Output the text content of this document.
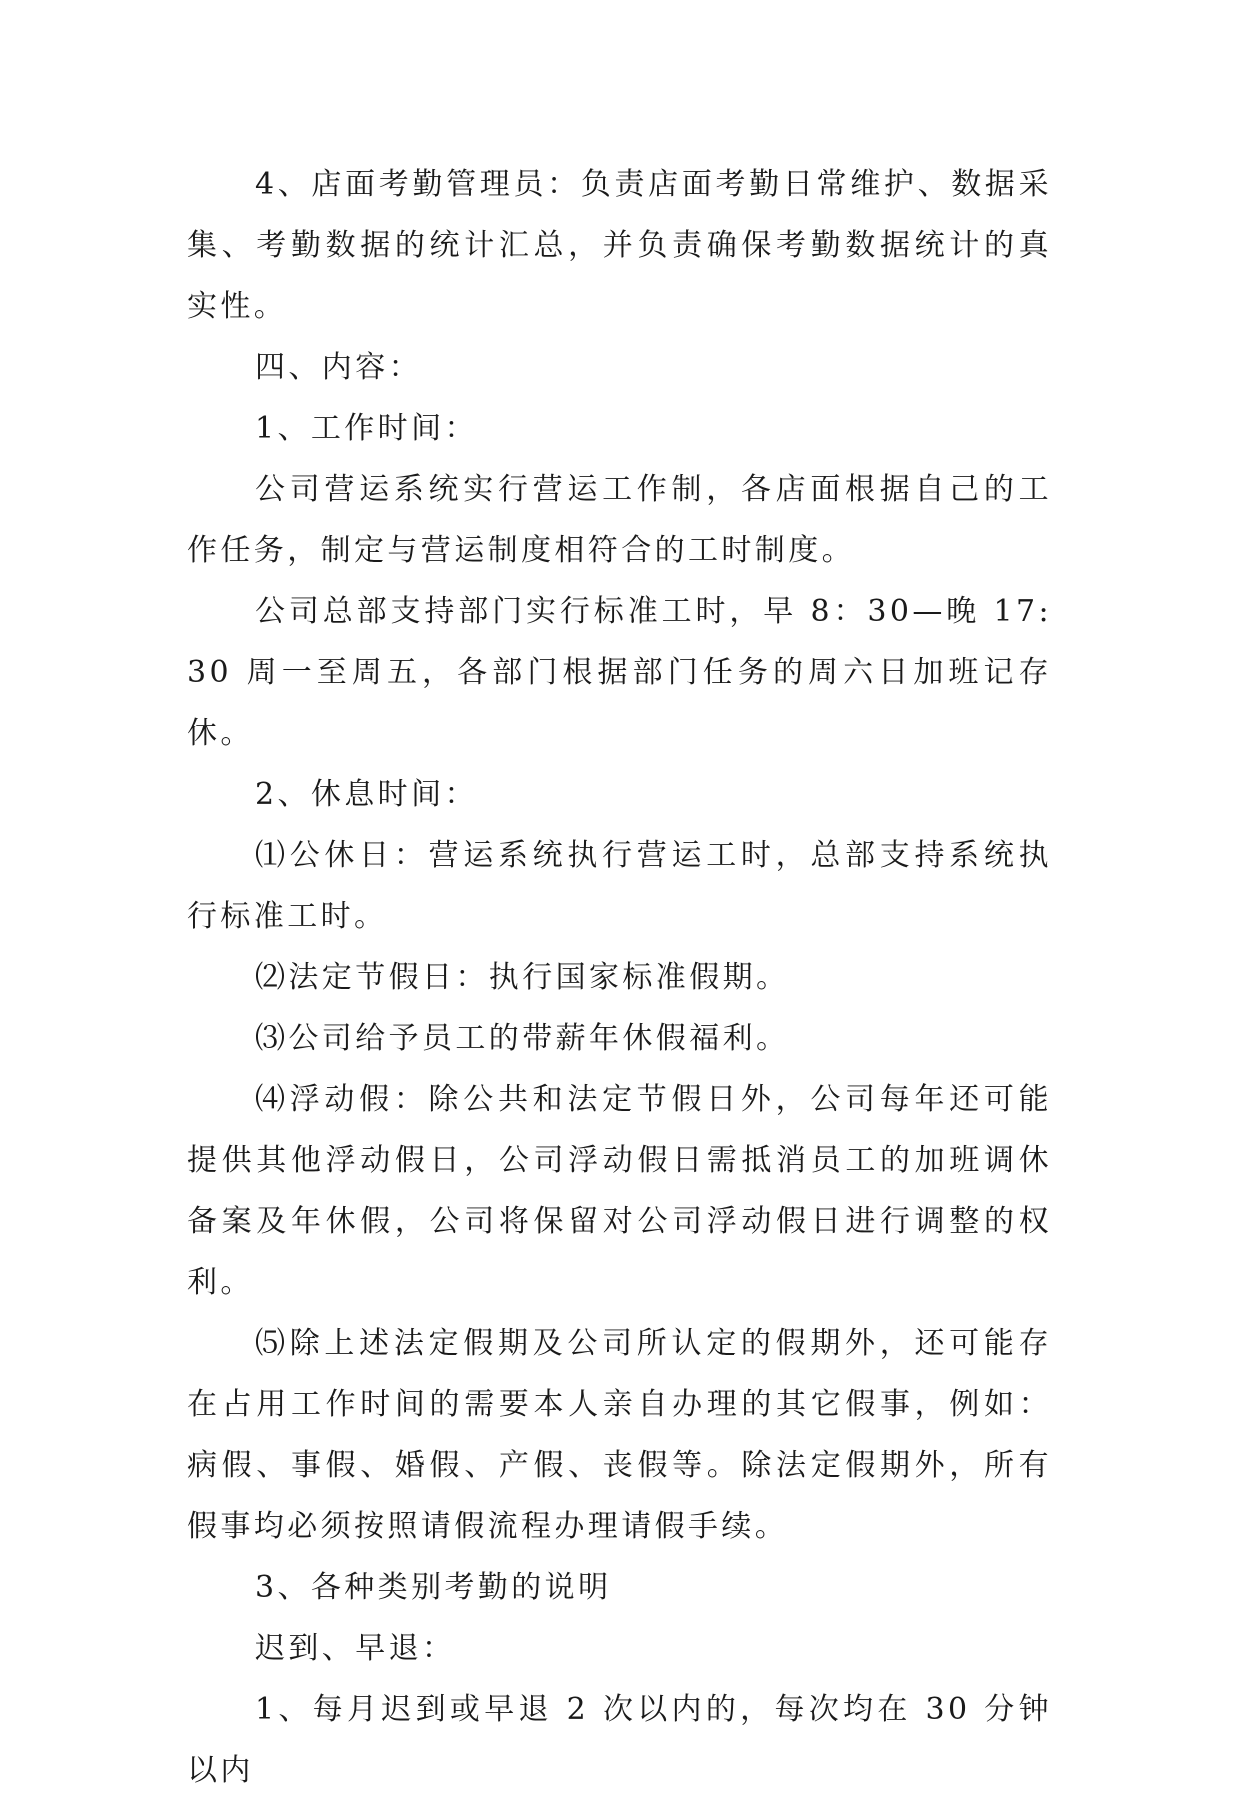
4、店面考勤管理员：负责店面考勤日常维护、数据采集、考勤数据的统计汇总，并负责确保考勤数据统计的真实性。

四、内容：

1、工作时间：

公司营运系统实行营运工作制，各店面根据自己的工作任务，制定与营运制度相符合的工时制度。

公司总部支持部门实行标准工时，早 8：30—晚 17:30 周一至周五，各部门根据部门任务的周六日加班记存休。

2、休息时间：

⑴公休日：营运系统执行营运工时，总部支持系统执行标准工时。

⑵法定节假日：执行国家标准假期。

⑶公司给予员工的带薪年休假福利。

⑷浮动假：除公共和法定节假日外，公司每年还可能提供其他浮动假日，公司浮动假日需抵消员工的加班调休备案及年休假，公司将保留对公司浮动假日进行调整的权利。

⑸除上述法定假期及公司所认定的假期外，还可能存在占用工作时间的需要本人亲自办理的其它假事，例如：病假、事假、婚假、产假、丧假等。除法定假期外，所有假事均必须按照请假流程办理请假手续。

3、各种类别考勤的说明

迟到、早退：

1、每月迟到或早退 2 次以内的，每次均在 30 分钟以内
